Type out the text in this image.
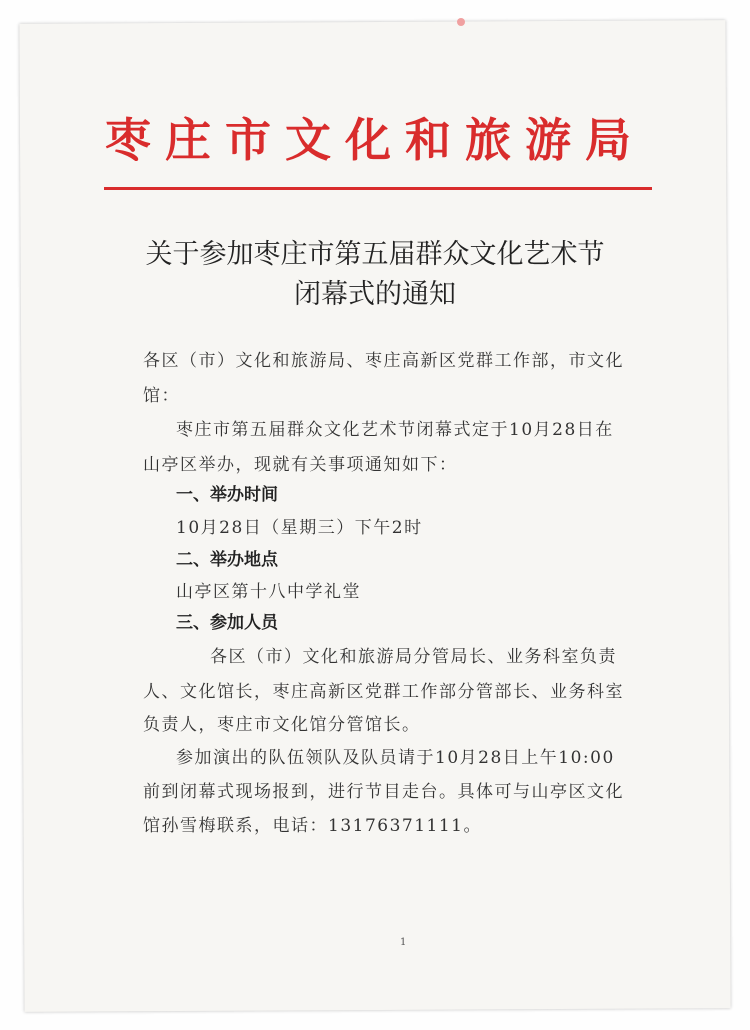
枣庄市文化和旅游局
关于参加枣庄市第五届群众文化艺术节
闭幕式的通知
各区（市）文化和旅游局、枣庄高新区党群工作部，市文化
馆：
枣庄市第五届群众文化艺术节闭幕式定于10月28日在
山亭区举办，现就有关事项通知如下：
一、举办时间
10月28日（星期三）下午2时
二、举办地点
山亭区第十八中学礼堂
三、参加人员
各区（市）文化和旅游局分管局长、业务科室负责
人、文化馆长，枣庄高新区党群工作部分管部长、业务科室
负责人，枣庄市文化馆分管馆长。
参加演出的队伍领队及队员请于10月28日上午10:00
前到闭幕式现场报到，进行节目走台。具体可与山亭区文化
馆孙雪梅联系，电话：13176371111。
1
